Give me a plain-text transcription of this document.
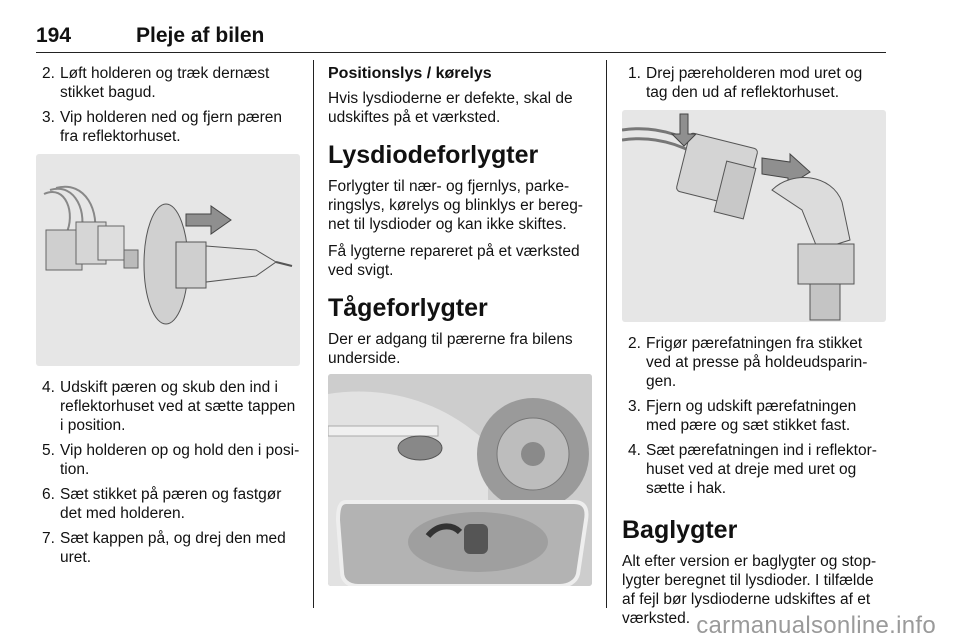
194	Pleje af bilen
2. Løft holderen og træk dernæst stikket bagud.
3. Vip holderen ned og fjern pæren fra reflektorhuset.
4. Udskift pæren og skub den ind i reflektorhuset ved at sætte tappen i position.
5. Vip holderen op og hold den i posi-tion.
6. Sæt stikket på pæren og fastgør det med holderen.
7. Sæt kappen på, og drej den med uret.
Positionslys / kørelys
Hvis lysdioderne er defekte, skal de udskiftes på et værksted.
Lysdiodeforlygter
Forlygter til nær- og fjernlys, parke-ringslys, kørelys og blinklys er bereg-net til lysdioder og kan ikke skiftes.
Få lygterne repareret på et værksted ved svigt.
Tågeforlygter
Der er adgang til pærerne fra bilens underside.
1. Drej pæreholderen mod uret og tag den ud af reflektorhuset.
2. Frigør pærefatningen fra stikket ved at presse på holdeudsparin-gen.
3. Fjern og udskift pærefatningen med pære og sæt stikket fast.
4. Sæt pærefatningen ind i reflektor-huset ved at dreje med uret og sætte i hak.
Baglygter
Alt efter version er baglygter og stop-lygter beregnet til lysdioder. I tilfælde af fejl bør lysdioderne udskiftes af et værksted. carmanualsonline.info
